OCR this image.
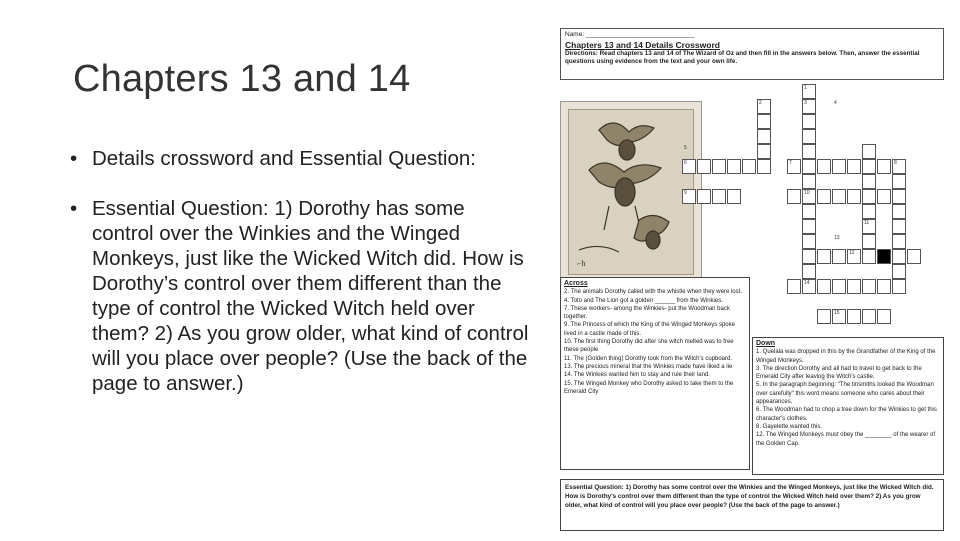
Chapters 13 and 14
• Details crossword and Essential Question:
• Essential Question: 1) Dorothy has some control over the Winkies and the Winged Monkeys, just like the Wicked Witch did. How is Dorothy’s control over them different than the type of control the Wicked Witch held over them? 2) As you grow older, what kind of control will you place over people? (Use the back of the page to answer.)
Name: ______________________________
Chapters 13 and 14 Details Crossword
Directions: Read chapters 13 and 14 of The Wizard of Oz and then fill in the answers below. Then, answer the essential questions using evidence from the text and your own life.
⌐h
1
2	3	4
5
6	7	8
9	10
11
12
13
14
15
Across
2. The animals Dorothy called with the whistle when they were lost.
4. Toto and The Lion got a golden ______ from the Winkies.
7. These workers- among the Winkies- put the Woodman back together.
9. The Princess of which the King of the Winged Monkeys spoke lived in a castle made of this.
10. The first thing Dorothy did after she witch melted was to free these people
11. The (Golden thing) Dorothy took from the Witch's cupboard.
13. The precious mineral that the Winkies made have liked a lie
14. The Winkies wanted him to stay and rule their land.
15. The Winged Monkey who Dorothy asked to take them to the Emerald City
Down
1. Quelala was dropped in this by the Grandfather of the King of the Winged Monkeys.
3. The direction Dorothy and all had to travel to get back to the Emerald City after leaving the Witch's castle.
5. In the paragraph beginning: "The tinsmiths looked the Woodman over carefully" this word means someone who cares about their appearances.
6. The Woodman had to chop a tree down for the Winkies to get this character's clothes.
8. Gayelette wanted this.
12. The Winged Monkeys must obey the ________ of the wearer of the Golden Cap.
Essential Question: 1) Dorothy has some control over the Winkies and the Winged Monkeys, just like the Wicked Witch did. How is Dorothy's control over them different than the type of control the Wicked Witch held over them? 2) As you grow older, what kind of control will you place over people? (Use the back of the page to answer.)
